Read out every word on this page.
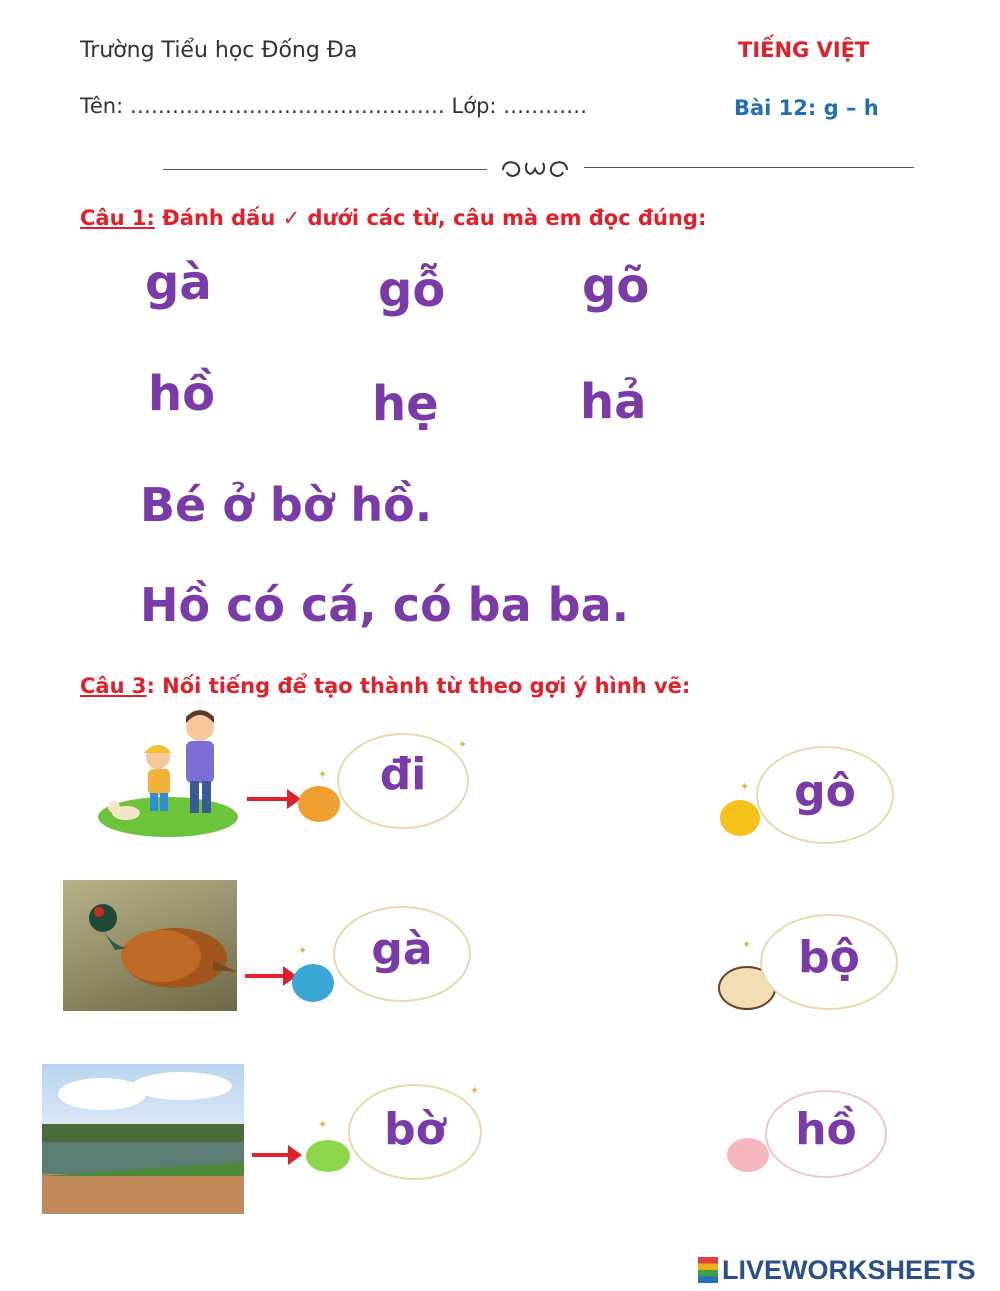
Trường Tiểu học Đống Đa	TIẾNG VIỆT
Tên: ……………………………………… Lớp: …………	Bài 12: g – h
Câu 1: Đánh dấu ✓ dưới các từ, câu mà em đọc đúng:
gà	gỗ	gõ
hồ	hẹ	hả
Bé ở bờ hồ.
Hồ có cá, có ba ba.
Câu 3: Nối tiếng để tạo thành từ theo gợi ý hình vẽ:
đi	gô
gà	bộ
bờ	hồ
✦
✦
✦
✦
✦
✦
✦
LIVEWORKSHEETS
